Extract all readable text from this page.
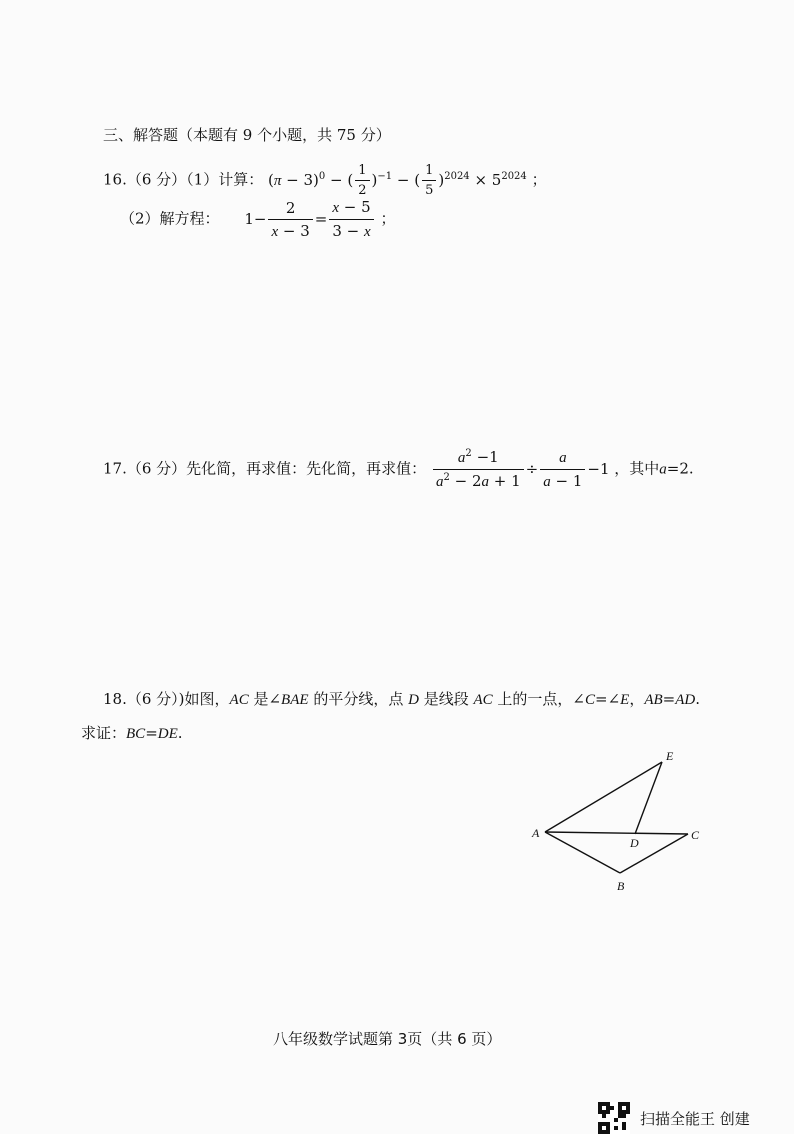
三、解答题（本题有 9 个小题，共 75 分）
16.（6 分）（1）计算： $(\pi - 3)^0$ − ( $\frac{1}{2} )^{-1}$ − ( $\frac{1}{5} )^{2024} \times 5^{2024}$ ；
（2）解方程： $1- \frac{2}{x - 3} = \frac{x - 5}{3 - x}$ ；
17.（6 分）先化简，再求值：先化简，再求值： $\frac{a^2 -1}{a^2 - 2a + 1} \div \frac{a}{a - 1} -1$ ，其中a=2.
18.（6 分）)如图，AC 是∠BAE 的平分线，点 D 是线段 AC 上的一点，∠C=∠E，AB=AD.
求证：BC=DE.
A
B
C
D
E
八年级数学试题第 3页（共 6 页）
扫描全能王 创建
